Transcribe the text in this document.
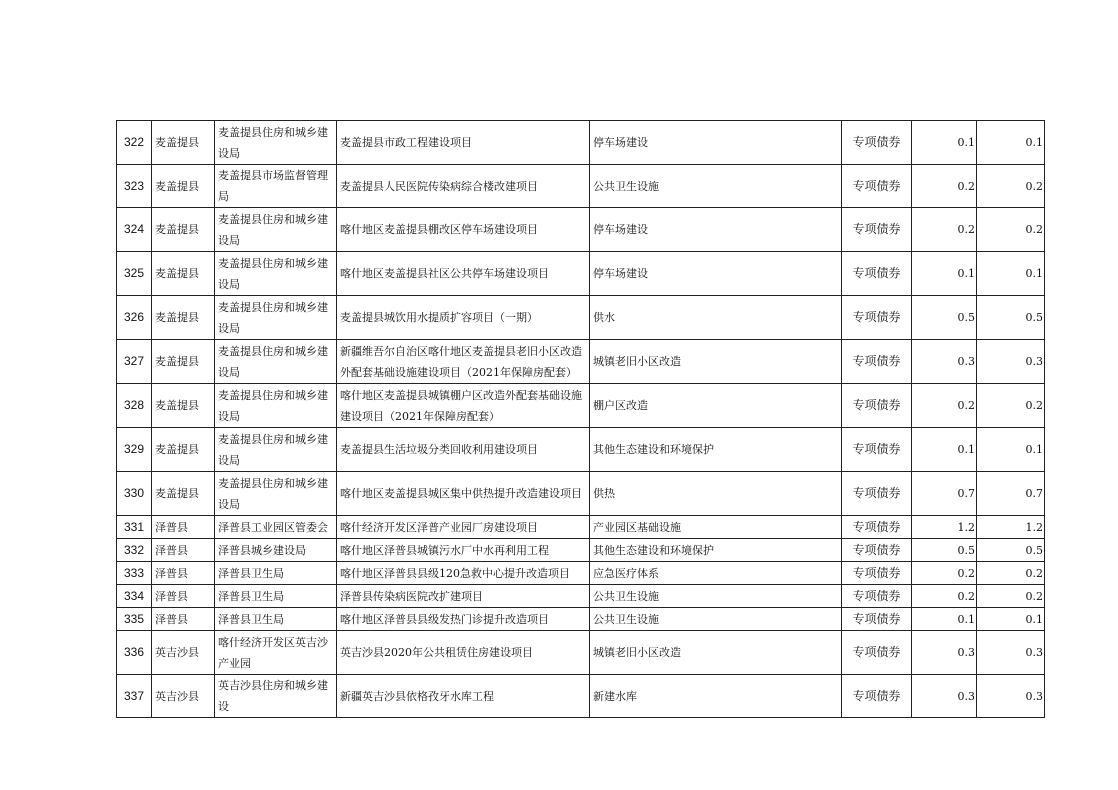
322	麦盖提县	麦盖提县住房和城乡建设局	麦盖提县市政工程建设项目	停车场建设	专项债券	0.1	0.1
323	麦盖提县	麦盖提县市场监督管理局	麦盖提县人民医院传染病综合楼改建项目	公共卫生设施	专项债券	0.2	0.2
324	麦盖提县	麦盖提县住房和城乡建设局	喀什地区麦盖提县棚改区停车场建设项目	停车场建设	专项债券	0.2	0.2
325	麦盖提县	麦盖提县住房和城乡建设局	喀什地区麦盖提县社区公共停车场建设项目	停车场建设	专项债券	0.1	0.1
326	麦盖提县	麦盖提县住房和城乡建设局	麦盖提县城饮用水提质扩容项目（一期）	供水	专项债券	0.5	0.5
327	麦盖提县	麦盖提县住房和城乡建设局	新疆维吾尔自治区喀什地区麦盖提县老旧小区改造外配套基础设施建设项目（2021年保障房配套）	城镇老旧小区改造	专项债券	0.3	0.3
328	麦盖提县	麦盖提县住房和城乡建设局	喀什地区麦盖提县城镇棚户区改造外配套基础设施建设项目（2021年保障房配套）	棚户区改造	专项债券	0.2	0.2
329	麦盖提县	麦盖提县住房和城乡建设局	麦盖提县生活垃圾分类回收利用建设项目	其他生态建设和环境保护	专项债券	0.1	0.1
330	麦盖提县	麦盖提县住房和城乡建设局	喀什地区麦盖提县城区集中供热提升改造建设项目	供热	专项债券	0.7	0.7
331	泽普县	泽普县工业园区管委会	喀什经济开发区泽普产业园厂房建设项目	产业园区基础设施	专项债券	1.2	1.2
332	泽普县	泽普县城乡建设局	喀什地区泽普县城镇污水厂中水再利用工程	其他生态建设和环境保护	专项债券	0.5	0.5
333	泽普县	泽普县卫生局	喀什地区泽普县县级120急救中心提升改造项目	应急医疗体系	专项债券	0.2	0.2
334	泽普县	泽普县卫生局	泽普县传染病医院改扩建项目	公共卫生设施	专项债券	0.2	0.2
335	泽普县	泽普县卫生局	喀什地区泽普县县级发热门诊提升改造项目	公共卫生设施	专项债券	0.1	0.1
336	英吉沙县	喀什经济开发区英吉沙产业园	英吉沙县2020年公共租赁住房建设项目	城镇老旧小区改造	专项债券	0.3	0.3
337	英吉沙县	英吉沙县住房和城乡建设	新疆英吉沙县依格孜牙水库工程	新建水库	专项债券	0.3	0.3
